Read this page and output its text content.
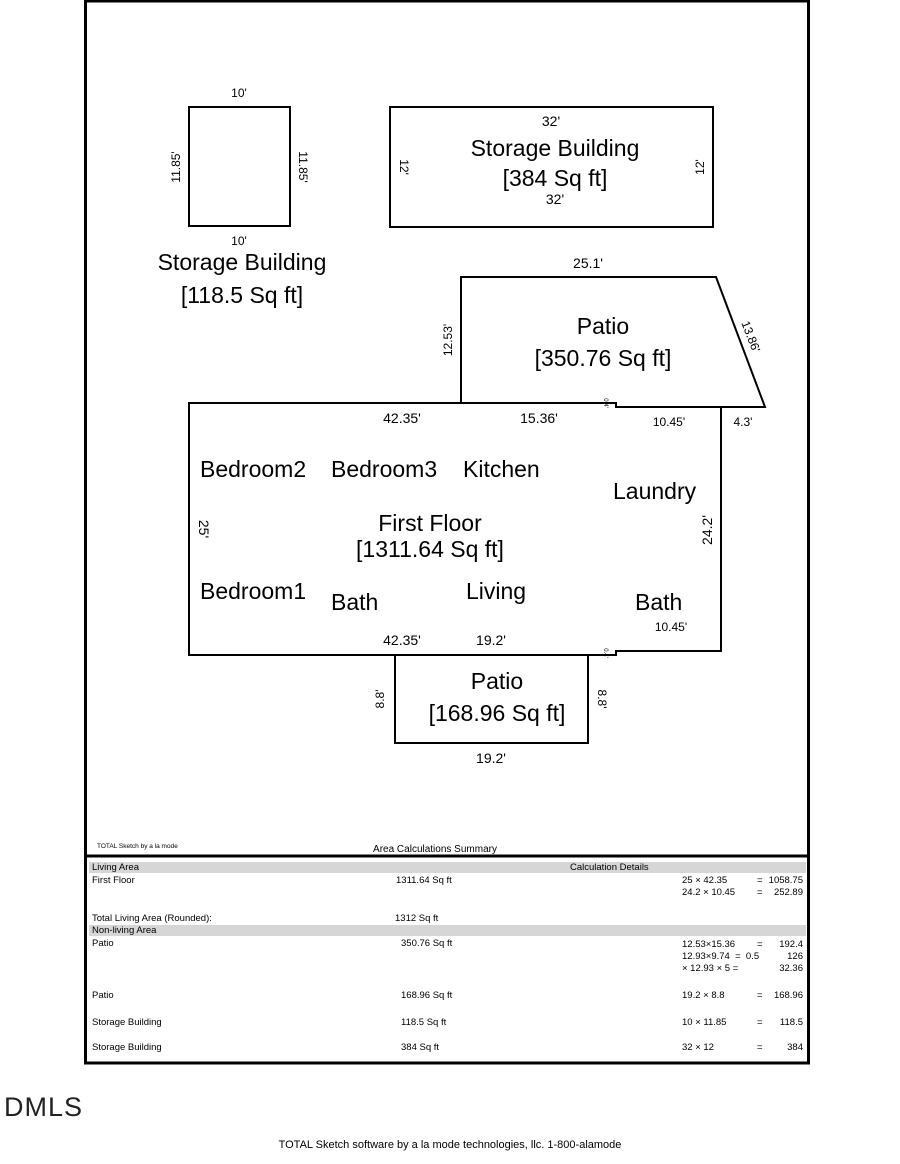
10'
10'
11.85'	11.85'
Storage Building
[118.5 Sq ft]
32'
32'
12'	12'
Storage Building
[384 Sq ft]
25.1'
12.53'	13.86'
0.4'
Patio
[350.76 Sq ft]
42.35'	15.36'	10.45'	4.3'
25'	24.2'
42.35'	19.2'
10.45'
0.4'
Bedroom2 Bedroom3 Kitchen
Laundry
First Floor
[1311.64 Sq ft]
Bedroom1 Bath	Living	Bath
8.8'	8.8'
19.2'
Patio
[168.96 Sq ft]
TOTAL Sketch by a la mode	Area Calculations Summary
Living Area	Calculation Details
First Floor	1311.64 Sq ft	25 × 42.35	= 1058.75
24.2 × 10.45 = 252.89
Total Living Area (Rounded):	1312 Sq ft
Non-living Area
Patio	350.76 Sq ft	12.53×15.36 = 192.4
12.93×9.74  =  0.5	126
× 12.93 × 5 =	32.36
Patio	168.96 Sq ft	19.2 × 8.8	= 168.96
Storage Building	118.5 Sq ft	10 × 11.85	= 118.5
Storage Building	384 Sq ft	32 × 12	=	384
DMLS
TOTAL Sketch software by a la mode technologies, llc. 1-800-alamode
